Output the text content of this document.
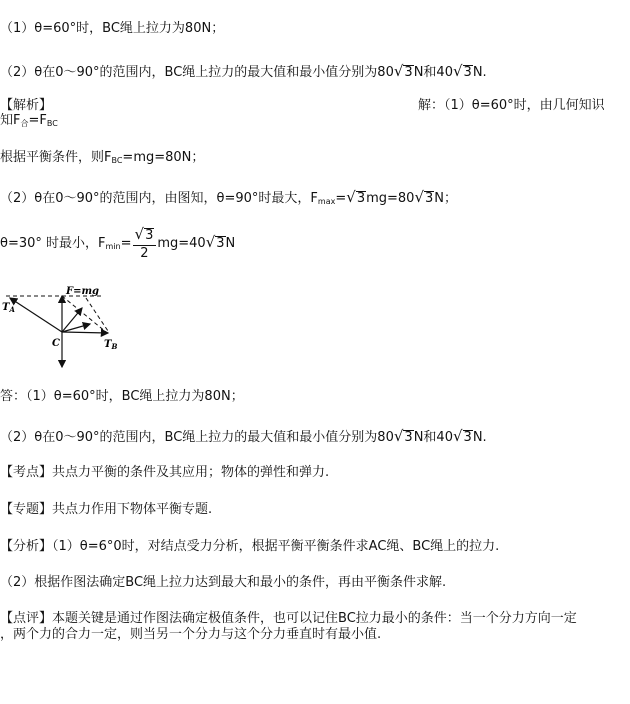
（1）θ=60°时，BC绳上拉力为80N；
（2）θ在0～90°的范围内，BC绳上拉力的最大值和最小值分别为80√3N和40√3N.
【解析】	解：（1）θ=60°时，由几何知识
知$F_合=F_{BC}$
根据平衡条件，则$F_{BC}=mg=80N$；
（2）θ在0～90°的范围内，由图知，θ=90°时最大，$F_{max}=√3mg=80√3N$；
θ=30° 时最小，$F_{min}= \frac{√3}{2} mg=40√3N$
F=mg
$T_A$
C	$T_B$
答：（1）θ=60°时，BC绳上拉力为80N；
（2）θ在0～90°的范围内，BC绳上拉力的最大值和最小值分别为80√3N和40√3N.
【考点】共点力平衡的条件及其应用；物体的弹性和弹力.
【专题】共点力作用下物体平衡专题.
【分析】（1）θ=6°0时，对结点受力分析，根据平衡平衡条件求AC绳、BC绳上的拉力.
（2）根据作图法确定BC绳上拉力达到最大和最小的条件，再由平衡条件求解.
【点评】本题关键是通过作图法确定极值条件，也可以记住BC拉力最小的条件：当一个分力方向一定
，两个力的合力一定，则当另一个分力与这个分力垂直时有最小值.
